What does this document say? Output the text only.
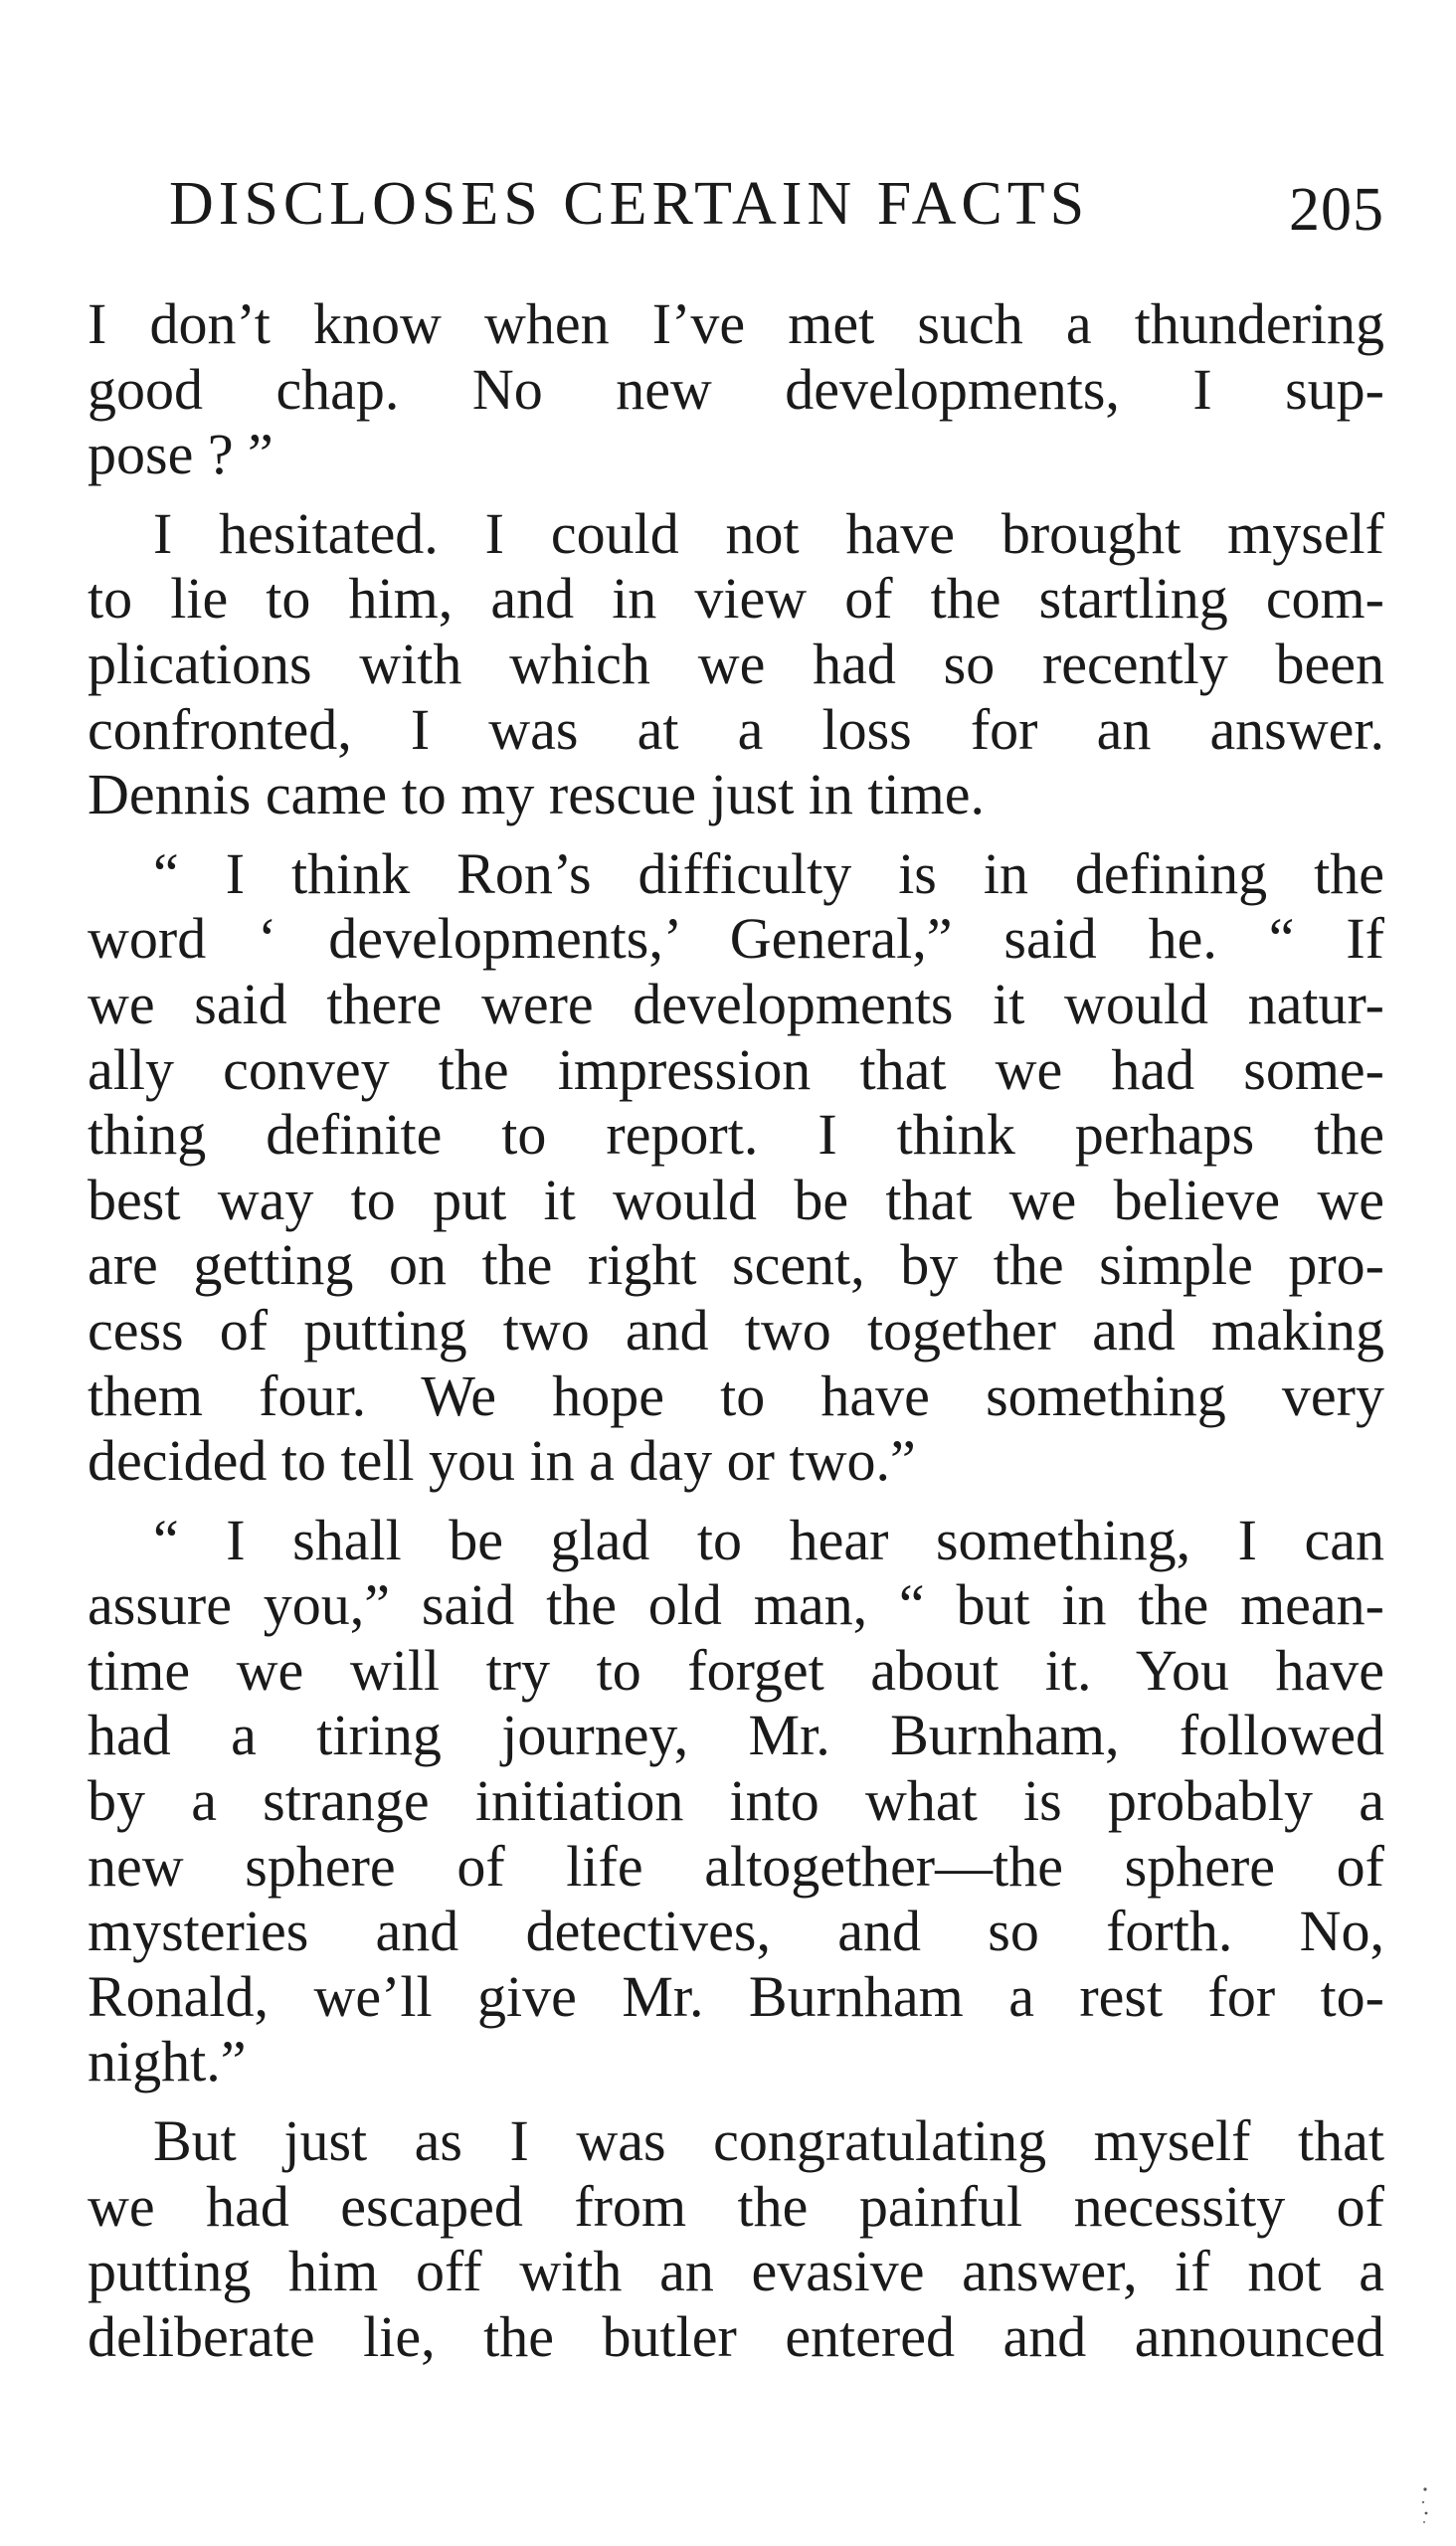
DISCLOSES CERTAIN FACTS	205

I don’t know when I’ve met such a thundering
good chap. No new developments, I sup-
pose ? ”

I hesitated. I could not have brought myself
to lie to him, and in view of the startling com-
plications with which we had so recently been
confronted, I was at a loss for an answer.
Dennis came to my rescue just in time.

“ I think Ron’s difficulty is in defining the
word ‘ developments,’ General,” said he. “ If
we said there were developments it would natur-
ally convey the impression that we had some-
thing definite to report. I think perhaps the
best way to put it would be that we believe we
are getting on the right scent, by the simple pro-
cess of putting two and two together and making
them four. We hope to have something very
decided to tell you in a day or two.”

“ I shall be glad to hear something, I can
assure you,” said the old man, “ but in the mean-
time we will try to forget about it. You have
had a tiring journey, Mr. Burnham, followed
by a strange initiation into what is probably a
new sphere of life altogether—the sphere of
mysteries and detectives, and so forth. No,
Ronald, we’ll give Mr. Burnham a rest for to-
night.”

But just as I was congratulating myself that
we had escaped from the painful necessity of
putting him off with an evasive answer, if not a
deliberate lie, the butler entered and announced
